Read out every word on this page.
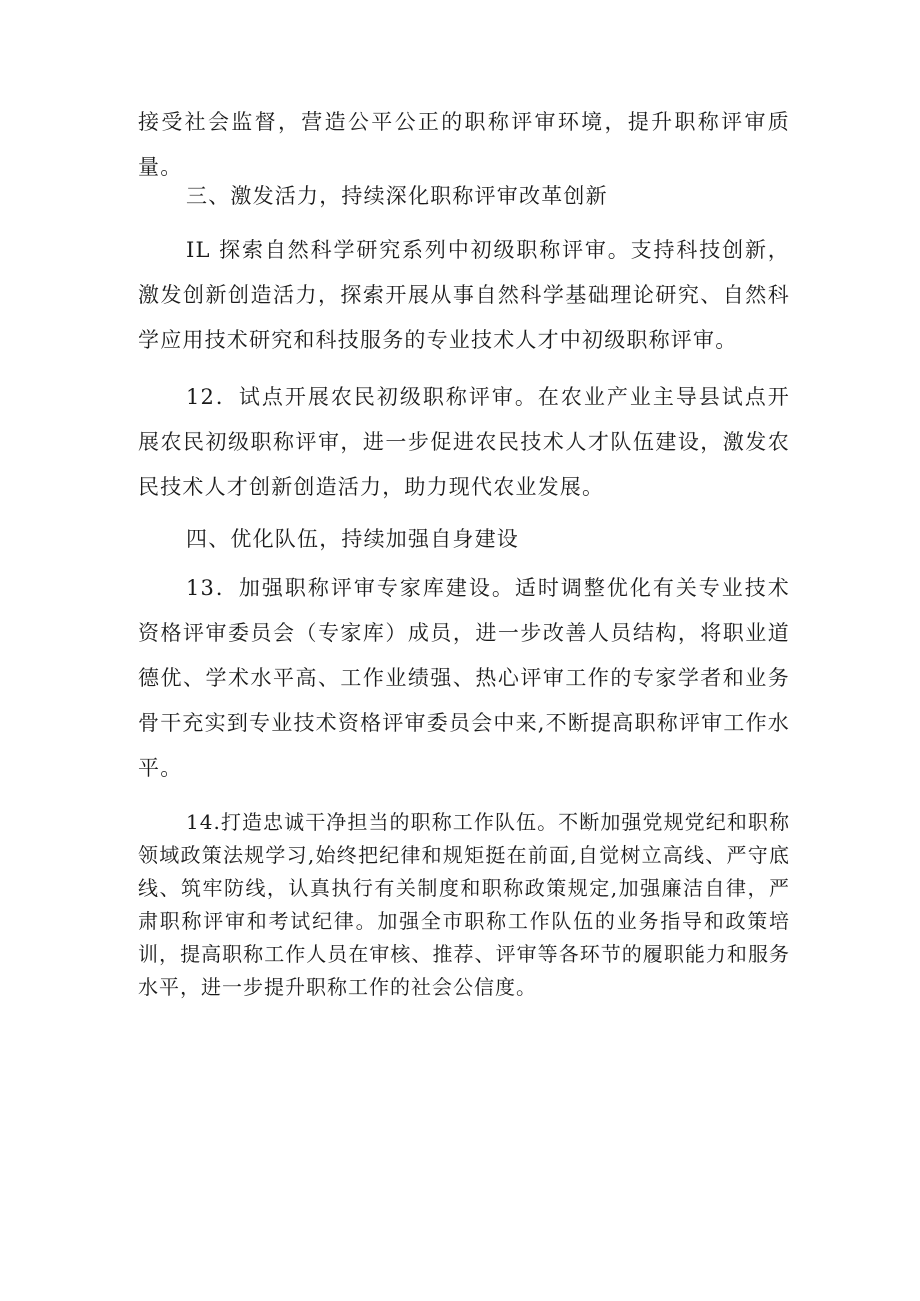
接受社会监督，营造公平公正的职称评审环境，提升职称评审质量。

三、激发活力，持续深化职称评审改革创新

IL 探索自然科学研究系列中初级职称评审。支持科技创新，激发创新创造活力，探索开展从事自然科学基础理论研究、自然科学应用技术研究和科技服务的专业技术人才中初级职称评审。

12．试点开展农民初级职称评审。在农业产业主导县试点开展农民初级职称评审，进一步促进农民技术人才队伍建设，激发农民技术人才创新创造活力，助力现代农业发展。

四、优化队伍，持续加强自身建设

13．加强职称评审专家库建设。适时调整优化有关专业技术资格评审委员会（专家库）成员，进一步改善人员结构，将职业道德优、学术水平高、工作业绩强、热心评审工作的专家学者和业务骨干充实到专业技术资格评审委员会中来,不断提高职称评审工作水平。

14.打造忠诚干净担当的职称工作队伍。不断加强党规党纪和职称领域政策法规学习,始终把纪律和规矩挺在前面,自觉树立高线、严守底线、筑牢防线，认真执行有关制度和职称政策规定,加强廉洁自律，严肃职称评审和考试纪律。加强全市职称工作队伍的业务指导和政策培训，提高职称工作人员在审核、推荐、评审等各环节的履职能力和服务水平，进一步提升职称工作的社会公信度。
